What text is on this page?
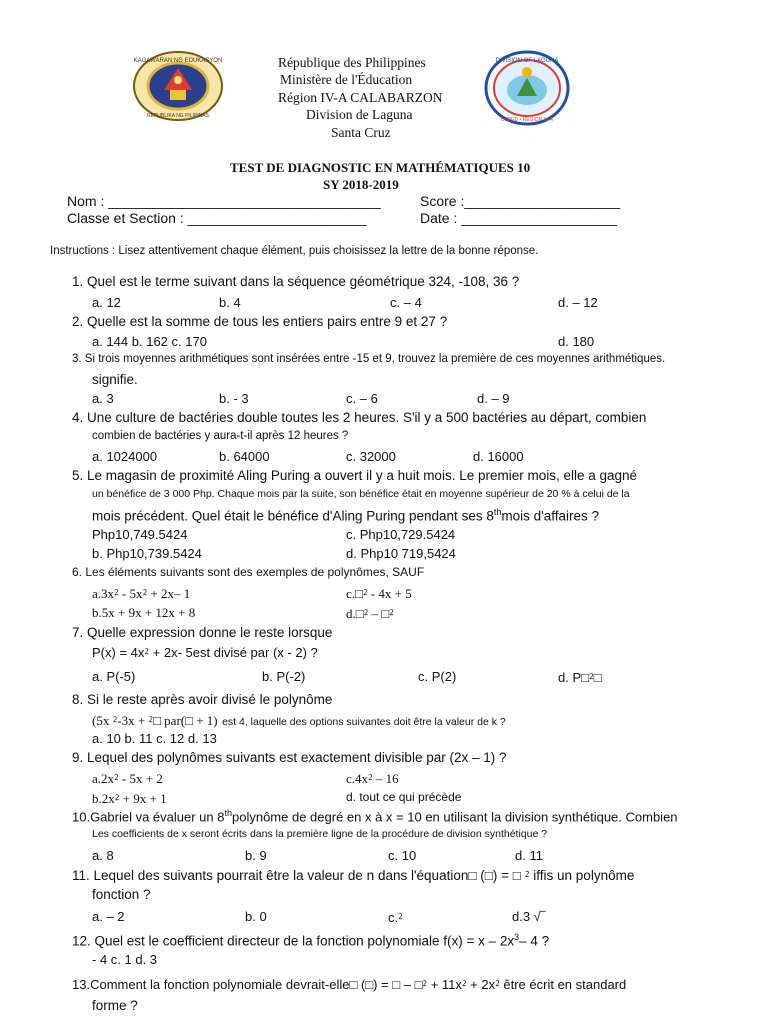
KAGAWARAN NG EDUKASYON
REPUBLIKA NG PILIPINAS
DIVISION OF LAGUNA
DEPED • REGION IV-A
République des Philippines
Ministère de l'Éducation
Région IV-A CALABARZON
Division de Laguna
Santa Cruz
TEST DE DIAGNOSTIC EN MATHÉMATIQUES 10
SY 2018-2019
Nom : ___________________________________
Classe et Section : _______________________
Score :____________________
Date : ____________________
Instructions : Lisez attentivement chaque élément, puis choisissez la lettre de la bonne réponse.
1. Quel est le terme suivant dans la séquence géométrique 324, -108, 36 ?
a. 12	b. 4	c. – 4	d. – 12
2. Quelle est la somme de tous les entiers pairs entre 9 et 27 ?
a. 144 b. 162 c. 170	d. 180
3. Si trois moyennes arithmétiques sont insérées entre -15 et 9, trouvez la première de ces moyennes arithmétiques.
signifie.
a. 3	b. - 3	c. – 6	d. – 9
4. Une culture de bactéries double toutes les 2 heures. S'il y a 500 bactéries au départ, combien
combien de bactéries y aura-t-il après 12 heures ?
a. 1024000	b. 64000	c. 32000	d. 16000
5. Le magasin de proximité Aling Puring a ouvert il y a huit mois. Le premier mois, elle a gagné
un bénéfice de 3 000 Php. Chaque mois par la suite, son bénéfice était en moyenne supérieur de 20 % à celui de la
mois précédent. Quel était le bénéfice d'Aling Puring pendant ses 8thmois d'affaires ?
Php10,749.5424	c. Php10,729.5424
b. Php10,739.5424	d. Php10 719,5424
6. Les éléments suivants sont des exemples de polynômes, SAUF
a.3x⁲ - 5x⁲ + 2x– 1	c.□⁲ - 4x + 5
b.5x + 9x + 12x + 8	d.□⁲ – □⁲
7. Quelle expression donne le reste lorsque
P(x) = 4x⁲ + 2x- 5est divisé par (x - 2) ?
a. P(-5)	b. P(-2)	c. P(2)	d. P□⁲□
8. Si le reste après avoir divisé le polynôme
(5x ⁲-3x + ⁲□ par(□ + 1) est 4, laquelle des options suivantes doit être la valeur de k ?
a. 10 b. 11 c. 12 d. 13
9. Lequel des polynômes suivants est exactement divisible par (2x – 1) ?
a.2x⁲ - 5x + 2	c.4x⁲ – 16
b.2x⁲ + 9x + 1	d. tout ce qui précède
10.Gabriel va évaluer un 8thpolynôme de degré en x à x = 10 en utilisant la division synthétique. Combien
Les coefficients de x seront écrits dans la première ligne de la procédure de division synthétique ?
a. 8	b. 9	c. 10	d. 11
11. Lequel des suivants pourrait être la valeur de n dans l'équation□ (□) = □ ⁲ iffis un polynôme
fonction ?
a. – 2	b. 0	c.⁲	d.3 √‾
12. Quel est le coefficient directeur de la fonction polynomiale $f(x) = x - 2x^3-$ 4 ?
- 4 c. 1 d. 3
13.Comment la fonction polynomiale devrait-elle□ (□) = □ – □⁲ + 11x⁲ + 2x⁲ être écrit en standard
forme ?
